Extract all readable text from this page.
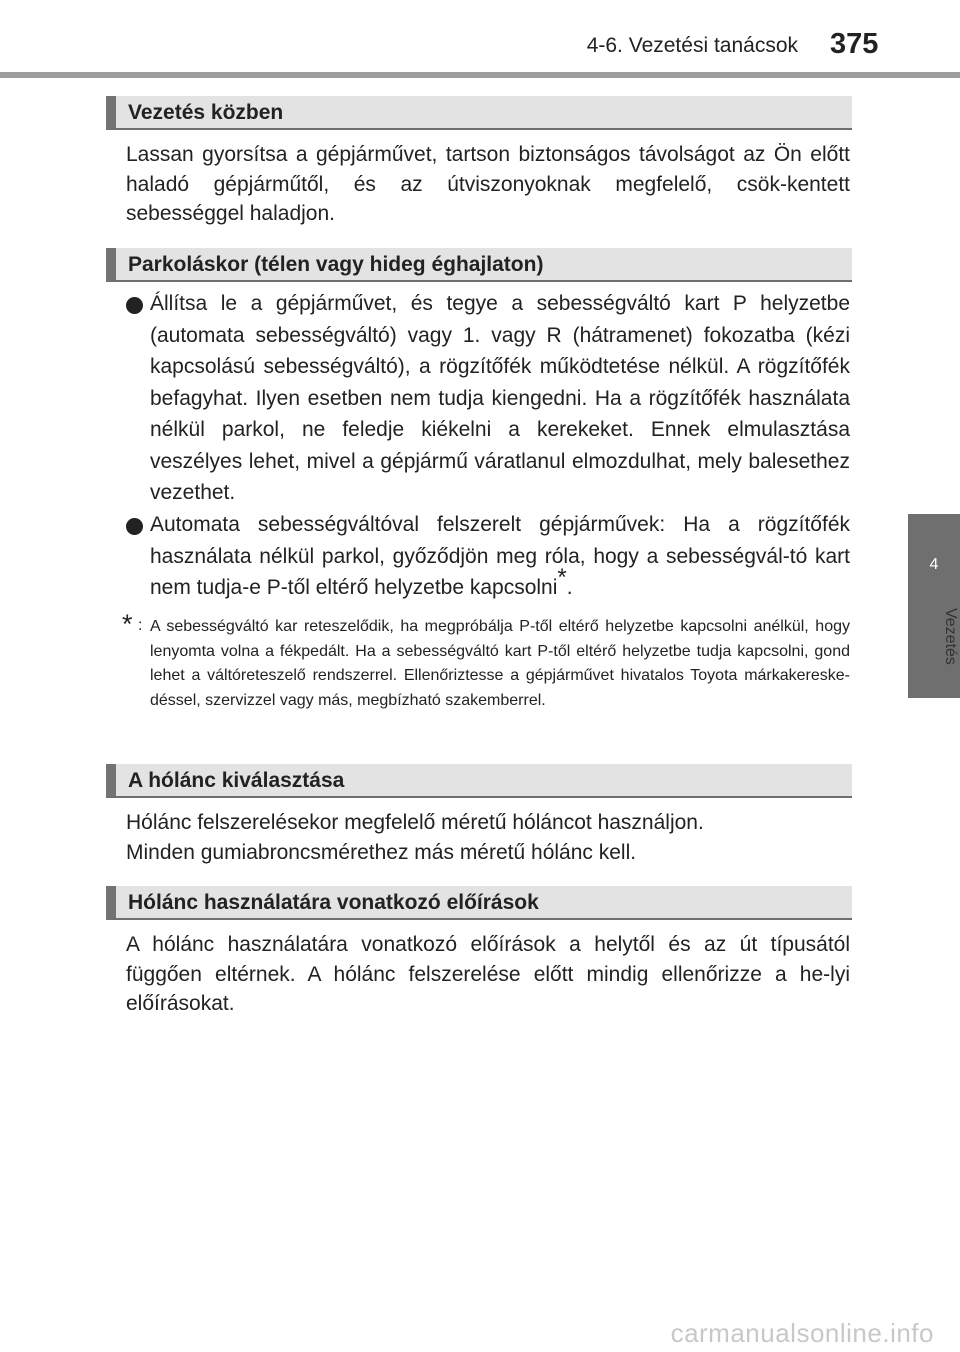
4-6. Vezetési tanácsok 375
4
Vezetés
Vezetés közben
Lassan gyorsítsa a gépjárművet, tartson biztonságos távolságot az Ön előtt haladó gépjárműtől, és az útviszonyoknak megfelelő, csök-kentett sebességgel haladjon.
Parkoláskor (télen vagy hideg éghajlaton)
Állítsa le a gépjárművet, és tegye a sebességváltó kart P helyzetbe (automata sebességváltó) vagy 1. vagy R (hátramenet) fokozatba (kézi kapcsolású sebességváltó), a rögzítőfék működtetése nélkül. A rögzítőfék befagyhat. Ilyen esetben nem tudja kiengedni. Ha a rögzítőfék használata nélkül parkol, ne feledje kiékelni a kerekeket. Ennek elmulasztása veszélyes lehet, mivel a gépjármű váratlanul elmozdulhat, mely balesethez vezethet.
Automata sebességváltóval felszerelt gépjárművek: Ha a rögzítőfék használata nélkül parkol, győződjön meg róla, hogy a sebességvál-tó kart nem tudja-e P-től eltérő helyzetbe kapcsolni*.
* : A sebességváltó kar reteszelődik, ha megpróbálja P-től eltérő helyzetbe kapcsolni anélkül, hogy lenyomta volna a fékpedált. Ha a sebességváltó kart P-től eltérő helyzetbe tudja kapcsolni, gond lehet a váltóreteszelő rendszerrel. Ellenőriztesse a gépjárművet hivatalos Toyota márkakereske-déssel, szervizzel vagy más, megbízható szakemberrel.
A hólánc kiválasztása
Hólánc felszerelésekor megfelelő méretű hóláncot használjon.
Minden gumiabroncsmérethez más méretű hólánc kell.
Hólánc használatára vonatkozó előírások
A hólánc használatára vonatkozó előírások a helytől és az út típusától függően eltérnek. A hólánc felszerelése előtt mindig ellenőrizze a he-lyi előírásokat.
carmanualsonline.info
